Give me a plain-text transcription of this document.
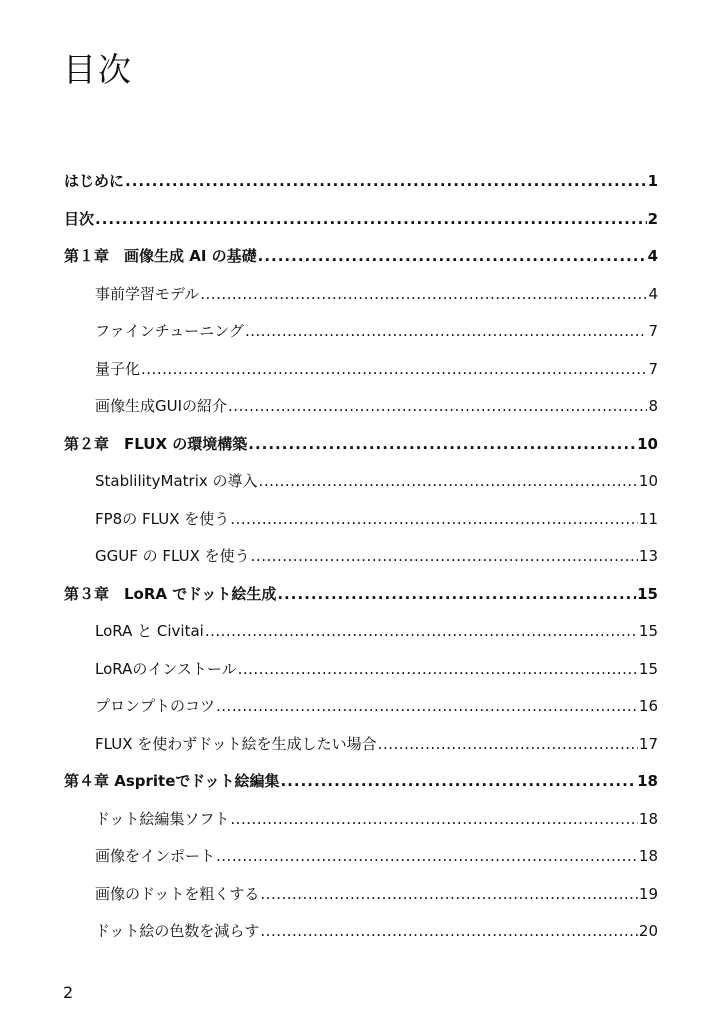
目次
はじめに .....	1
目次 .....	2
第１章　画像生成 AI の基礎 .....	4
事前学習モデル .....	4
ファインチューニング .....	7
量子化 .....	7
画像生成GUIの紹介 .....	8
第２章　FLUX の環境構築 .....	10
StablilityMatrix の導入 .....	10
FP8の FLUX を使う .....	11
GGUF の FLUX を使う .....	13
第３章　LoRA でドット絵生成 .....	15
LoRA と Civitai .....	15
LoRAのインストール .....	15
プロンプトのコツ .....	16
FLUX を使わずドット絵を生成したい場合 .....	17
第４章 Aspriteでドット絵編集 .....	18
ドット絵編集ソフト .....	18
画像をインポート .....	18
画像のドットを粗くする .....	19
ドット絵の色数を減らす .....	20
2
